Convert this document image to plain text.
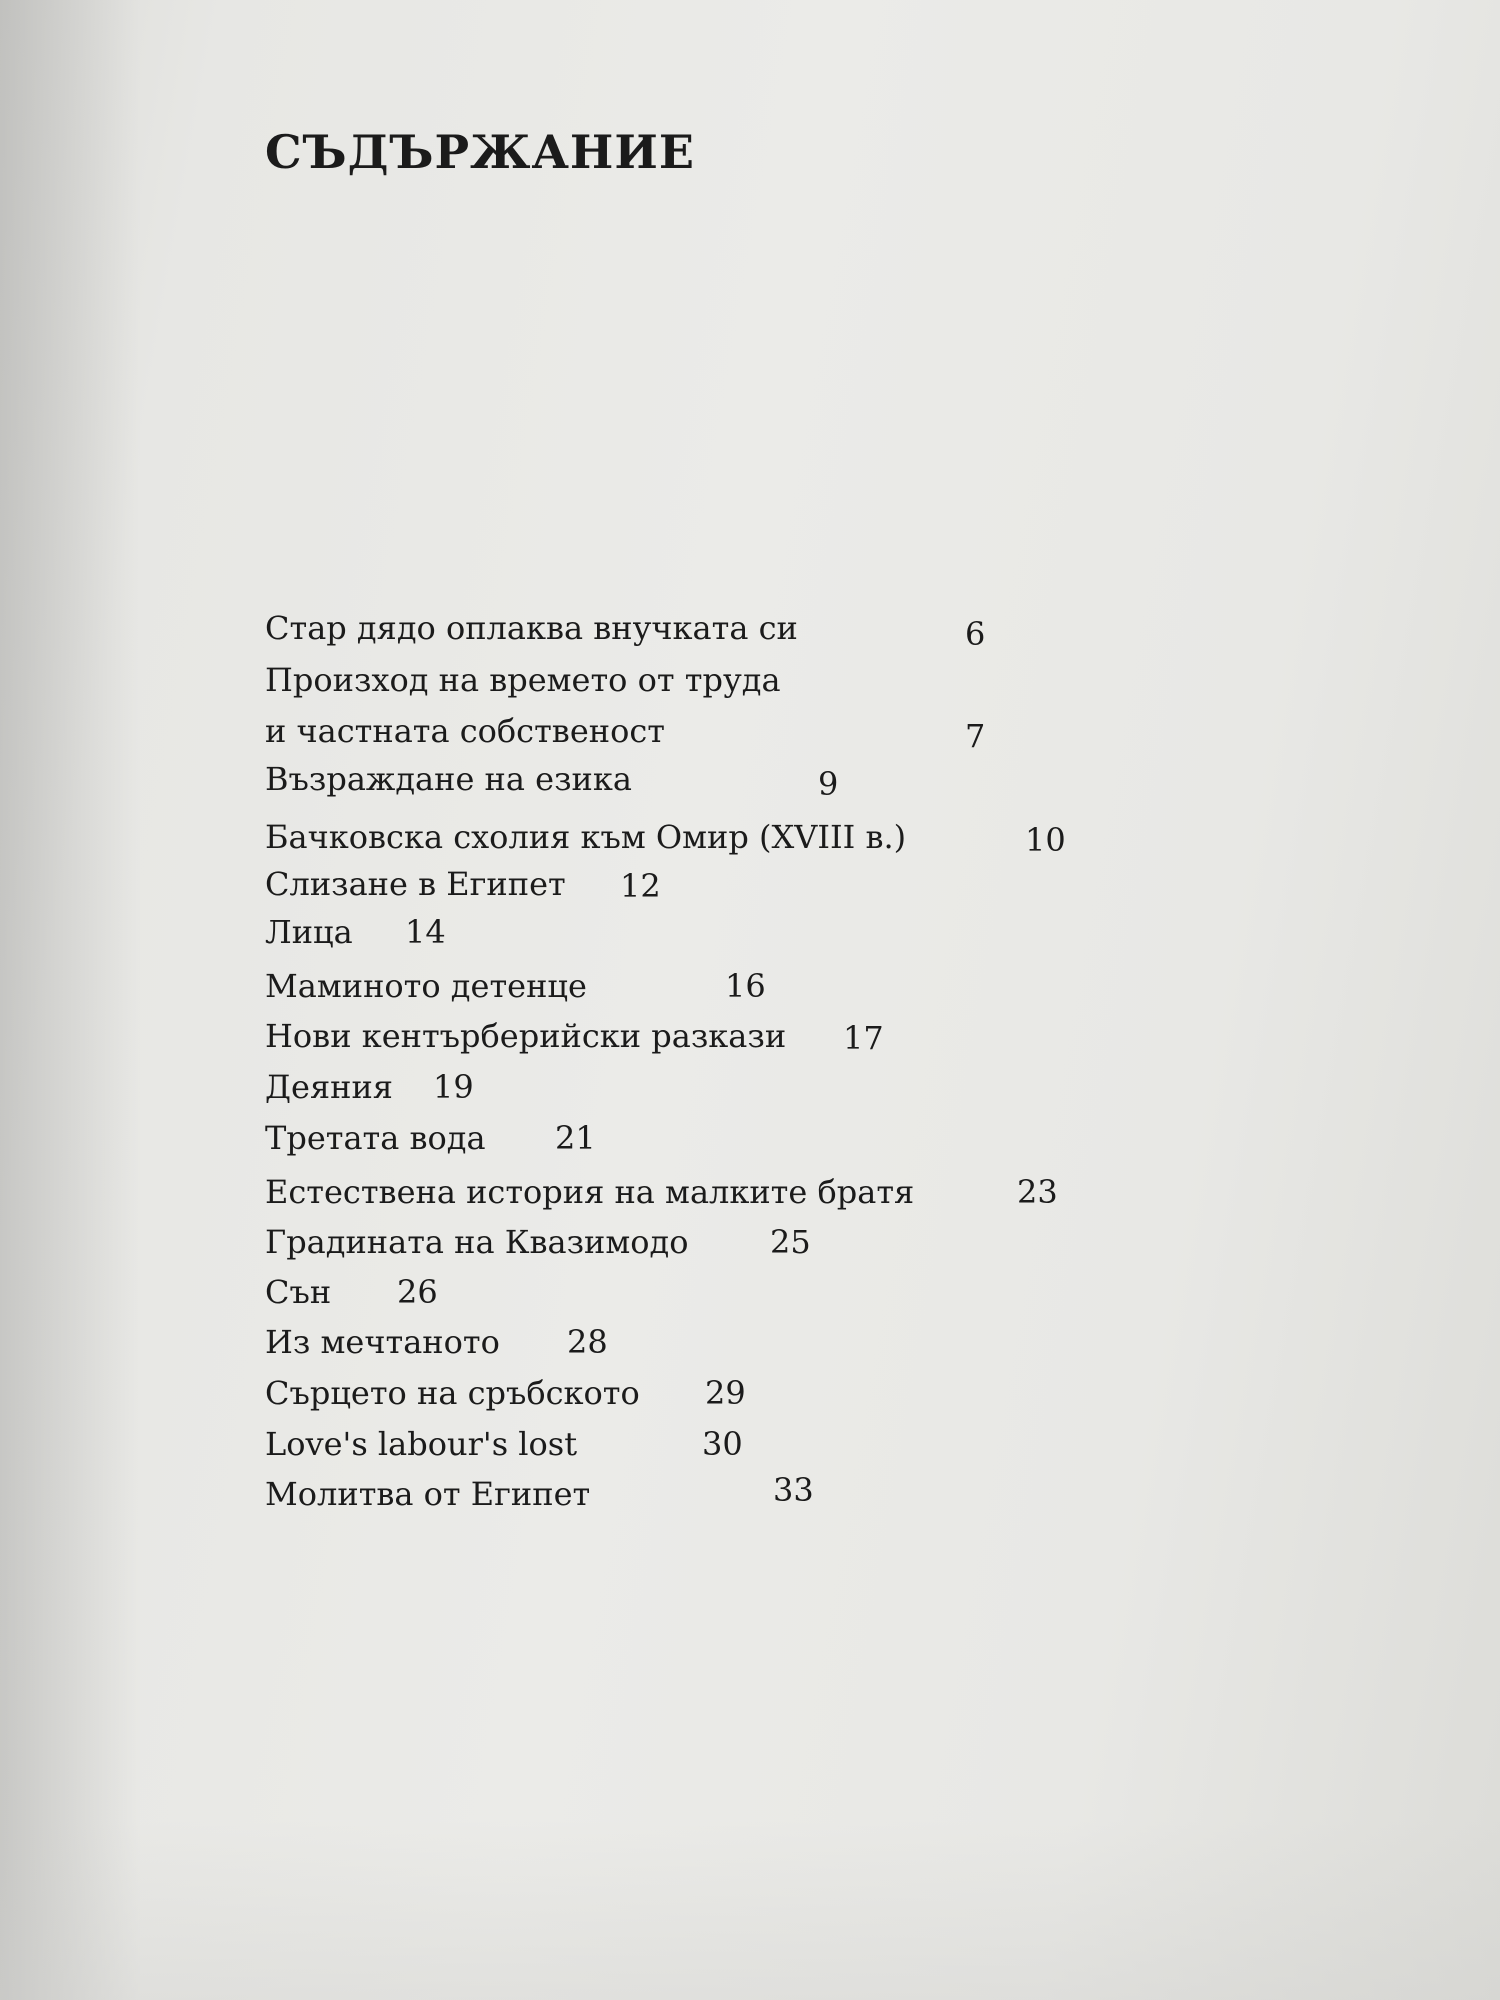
СЪДЪРЖАНИЕ
Стар дядо оплаква внучката си	6
Произход на времето от труда
и частната собственост	7
Възраждане на езика	9
Бачковска схолия към Омир (XVIII в.)	10
Слизане в Египет 12
Лица 14
Маминото детенце	16
Нови кентърберийски разкази 17
Деяния 19
Третата вода 21
Естествена история на малките братя	23
Градината на Квазимодо	25
Сън 26
Из мечтаното 28
Сърцето на сръбското 29
Love's labour's lost	30
Молитва от Египет	33
